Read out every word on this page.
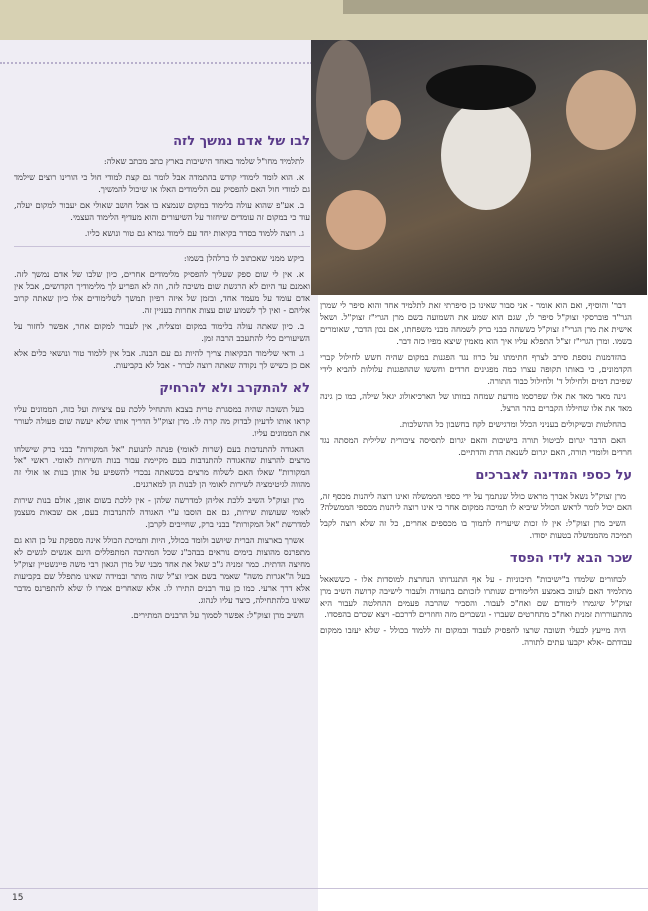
לבו של אדם נמשך לזה

לתלמיד מחו"ל שלמד באחד הישיבות בארץ כתב מכתב שאלה:

א. הוא לומד לימודי קודש בהתמדה אבל לומר גם קצת למודי חול כי הורינו רוצים שילמד גם למודי חול האם להפסיק עם הלימודים האלו או שיכול להמשיך.

ב. אע"פ שהוא עולה בלימוד במקום שנמצא בו אבל חושב שאולי אם יעבור למקום יעלה, עוד כי במקום זה עומדים שיחזור על השיעורים והוא מעדיף הלימוד העצמי.

ג. רוצה ללמוד בסדר בקיאות יחד עם לימוד גמרא גם טור ונושא כליו.

ביקש ממני שאכתוב לו כרלהלן בשמו:

א. אין לי שום ספק שעליך להפסיק מלימודים אחרים, כיון שלבו של אדם נמשך לזה. ואמנם עד היום לא הרגשת שום משיכה לזה, וזה לא הפריע לך מלימודיך הקדושים, אבל אין אדם עומד על מעמד אחד, ובזמן של איזה רפיון תמשך לשלימודים אלו כיון שאתה קרוב אליהם - ואין לך לשמוע שום עצות אחרות בעניין זה.

ב. כיון שאתה עולה בלימוד במקום ומצליח, אין לעבור למקום אחר, אפשר לחזור על השיעורים כלי להתעכב הרבה זמן.

ג. ודאי שלימוד הבקיאות צריך להיות גם עם הבנה. אבל אין ללמוד טור ונושאי כלים אלא אם כן כשיש לך נקודה שאתה רוצה לברר - אבל לא בקביעות.

לא להתקרב ולא להרחיק

בעל תשובה שהיה במסגרת טרית בצבא והתחיל ללכת עם ציציות ועל כזה, הממונים עליו קראו אותו לדעיון לבדוק מה קרה לו. מרן זצוק"ל הדריך אותו שלא יעשה שום פעולה לעורר את הממונים עליו.

האגודה להתנדבות בעם (שרות לאומי) פנתה לתנועת "אל המקורות" בבני ברק שישלחו מרצים להרצות שהאגודה להתנדבות בעם מקיימת עבור בנות השירות לאומי. ראשי "אל המקורות" שאלו האם לשלוח מרצים בכשאתה נבכדי להשפיע על אותן בנות או אולי זה מהווה לגיטימציה לשירות לאומי הן לבנות הן למארגנים.

מרן זצוק"ל השיב ללכת אליהן למדרשה שלהן - אין ללכת בשום אופן, אולם בנות שירות לאומי שעושות שירות, גם אם הוסבו ע"י האגודה להתנדבות בעם, אם שבאות מעצמן למדרשת "אל המקורות" בבני ברק, שחייבים לקרבן.

אשרך בארצות הברית שיושב ולומד בכולל, היות ותמיכת הכולל אינה מספקת על כן הוא גם מתפרנס מהוצות בימים נוראים בבהכ"נ שכל המהיבה המתפללים הינם אנשים לגשים לא מחיצה הדתית. כמר זמניה ג"כ שאל את אחד מבני של מרן הגאון רבי משה פיינשטיין זצוק"ל בעל ה"אגרות משה" שאמר בשם אביו זצ"ל שזה מותר ובמידה שאינו מתפלל שם בקביעות אלא דרך ארעי. כמו כן עוד רבנים התירו לו. אלא שאחרים אמרו לו שלא להתפרנס מדבר שאינו כלהתחילה, כיצד עליו לנהוג.

השיב מרן זצוק"ל: אפשר לסמוך על הרבנים המתירים.

דבר' והוסיף, ואם הוא אומר - אני סבור שאינו כן סיפרתי זאת לתלמיד אחד והוא סיפר לי שמרן הגר"ד פוברסקי זצוק"ל סיפר לו, שגם הוא שמע את השמועה בשם מרן הגרי"ז זצוק"ל. ושאל אישית את מרן הגרי"ז זצוק"ל כששהה בבני ברק לשמחה מבני משפחתו, אם נכון הדבר, שאומרים בשמו. ומרן הגרי"ז זצ"ל התפלא עליו איך הוא מאמין שיצא מפיו כזה דבר.

בהזדמנות נוספת סירב לצרף חתימתו על כרוז נגד הפגנות במקום שהיה חשש לחילול קברי הקדמונים, כי באותו תקופה עצרו כמה מפגינים חרדים וחששו שההפגנות עלולות להביא לידי שפיכת דמים ולחילול ד' ולחילול כבוד התורה.

גינה מאד מאד את אלו שפרסמו מודעת שמחה במותו של הארכיאולוג יגאל שילה, כמו כן גינה מאד את אלו שחיללו הקברים בהר הרצל.

בהחלטות ובשיקולים בעניני הכלל ומדגישים לקח בחשבון כל ההשלכות.

האם הדבר יגרום לביטול תורה בישיבות והאם יגרום לתסיסה ציבורית שלילית המסתה נגד חרדים ולומדי תורה, האם יגרום לשנאת הדת והדתיים.

על כספי המדינה לאברכים

מרן זצוק"ל נשאל אברך מראש כולל שנתמך על ידי כספי הממשלה ואינו רוצה ליהנות מכסף זה, האם יכול לומר לראש הכולל שיביא לו תמיכה ממקום אחר כי אינו רוצה ליהנות מכספי הממשלה?

השיב מרן זצוק"ל: אין לו זכות שיעריח לתמוך בו מכספים אחרים, כל זה שלא רוצה לקבל תמיכה מהממשלה בטעות יסודו.

שכר הבא לידי הפסד

לבחורים שלמדו ב"ישיבות" תיכוניות - על אף התנגדותו הנחרצת למוסדות אלו - כששאאל מתלמיד האם לעזוב באמצע הלימודים שנותרו לזכותם בתעודה ולעבור לישיבה קדושה השיב מרן זצוק"ל שיגמרו לימודם שם ואח"כ לעבור. והסביר שהרבה פעמים ההחלטה לעבור היא מהתעוררות זמנית ואח"כ מתחרטים שעברו - ונשברים מזה וחוזרים לדרכם- ויצא שכרם בהפסדו.

היה מייעץ לבעלי תשובה שרצו להפסיק לעבוד ובמקום זה ללמוד בכולל - שלא יעזבו ממקום עבודתם -אלא יקבעו עתים לתורה.

15
